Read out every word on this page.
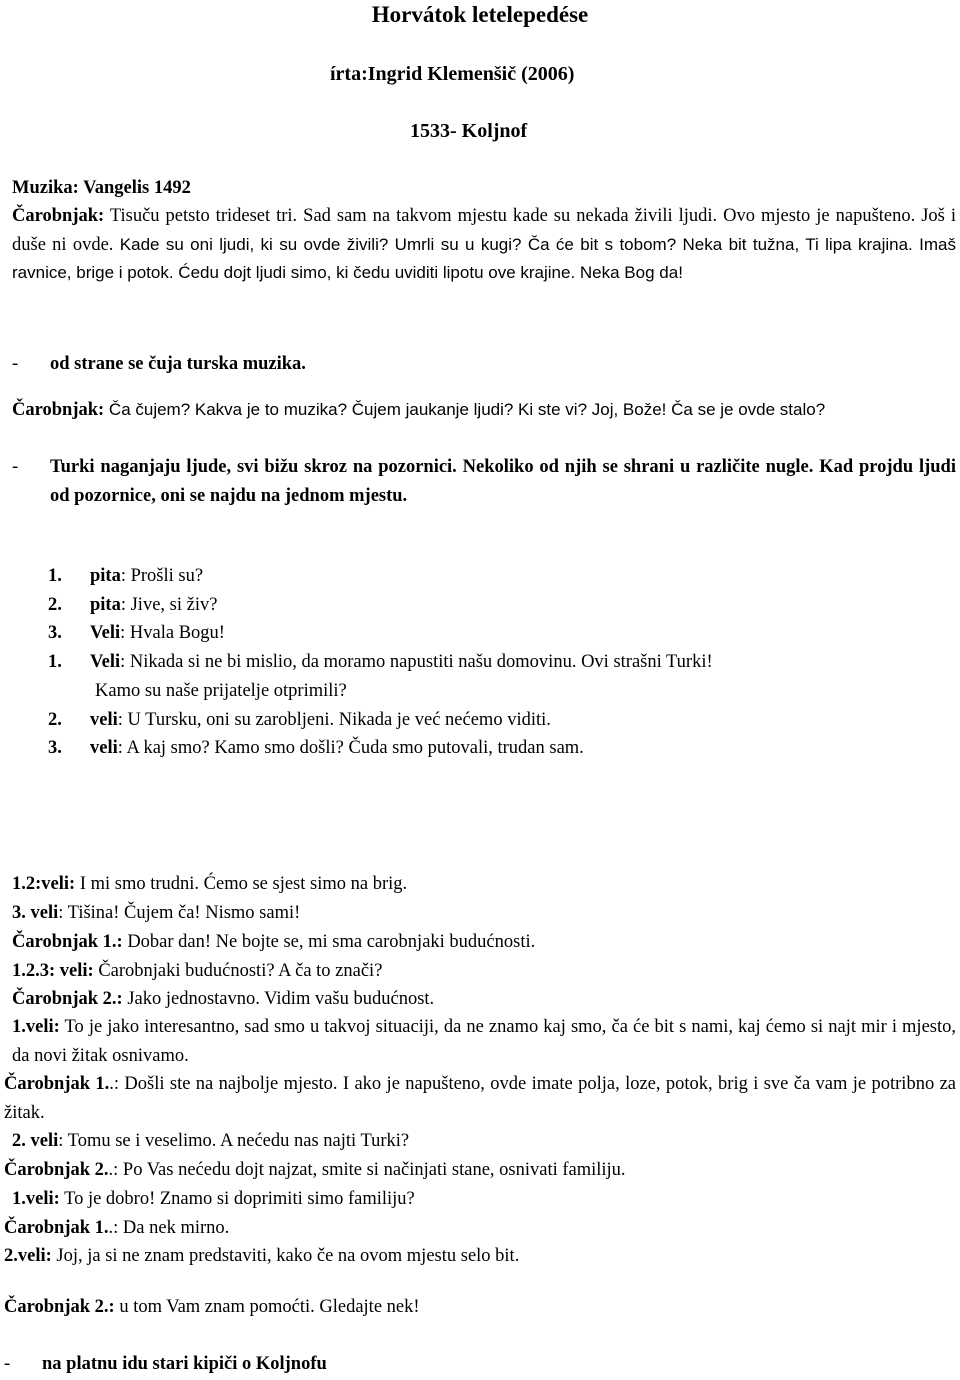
Horvátok letelepedése
írta:Ingrid Klemenšič (2006)
1533- Koljnof
Muzika: Vangelis 1492
Čarobnjak: Tisuču petsto trideset tri. Sad sam na takvom mjestu kade su nekada živili ljudi. Ovo mjesto je napušteno. Još i duše ni ovde. Kade su oni ljudi, ki su ovde živili? Umrli su u kugi? Ča će bit s tobom? Neka bit tužna, Ti lipa krajina. Imaš ravnice, brige i potok. Ćedu dojt ljudi simo, ki čedu uviditi lipotu ove krajine. Neka Bog da!
- od strane se čuja turska muzika.
Čarobnjak: Ča čujem? Kakva je to muzika? Čujem jaukanje ljudi? Ki ste vi? Joj, Bože! Ča se je ovde stalo?
- Turki naganjaju ljude, svi bižu skroz na pozornici. Nekoliko od njih se shrani u različite nugle. Kad projdu ljudi od pozornice, oni se najdu na jednom mjestu.
1. pita: Prošli su?
2. pita: Jive, si živ?
3. Veli: Hvala Bogu!
1. Veli: Nikada si ne bi mislio, da moramo napustiti našu domovinu. Ovi strašni Turki!
Kamo su naše prijatelje otprimili?
2. veli: U Tursku, oni su zarobljeni. Nikada je već nećemo viditi.
3. veli: A kaj smo? Kamo smo došli? Čuda smo putovali, trudan sam.
1.2:veli: I mi smo trudni. Ćemo se sjest simo na brig.
3. veli: Tišina! Čujem ča! Nismo sami!
Čarobnjak 1.: Dobar dan! Ne bojte se, mi sma carobnjaki budućnosti.
1.2.3: veli: Čarobnjaki budućnosti? A ča to znači?
Čarobnjak 2.: Jako jednostavno. Vidim vašu budućnost.
1.veli: To je jako interesantno, sad smo u takvoj situaciji, da ne znamo kaj smo, ča će bit s nami, kaj ćemo si najt mir i mjesto, da novi žitak osnivamo.
Čarobnjak 1..: Došli ste na najbolje mjesto. I ako je napušteno, ovde imate polja, loze, potok, brig i sve ča vam je potribno za žitak.
2. veli: Tomu se i veselimo. A nećedu nas najti Turki?
Čarobnjak 2..: Po Vas nećedu dojt najzat, smite si načinjati stane, osnivati familiju.
1.veli: To je dobro! Znamo si doprimiti simo familiju?
Čarobnjak 1..: Da nek mirno.
2.veli: Joj, ja si ne znam predstaviti, kako če na ovom mjestu selo bit.
Čarobnjak 2.: u tom Vam znam pomoćti. Gledajte nek!
- na platnu idu stari kipiči o Koljnofu
